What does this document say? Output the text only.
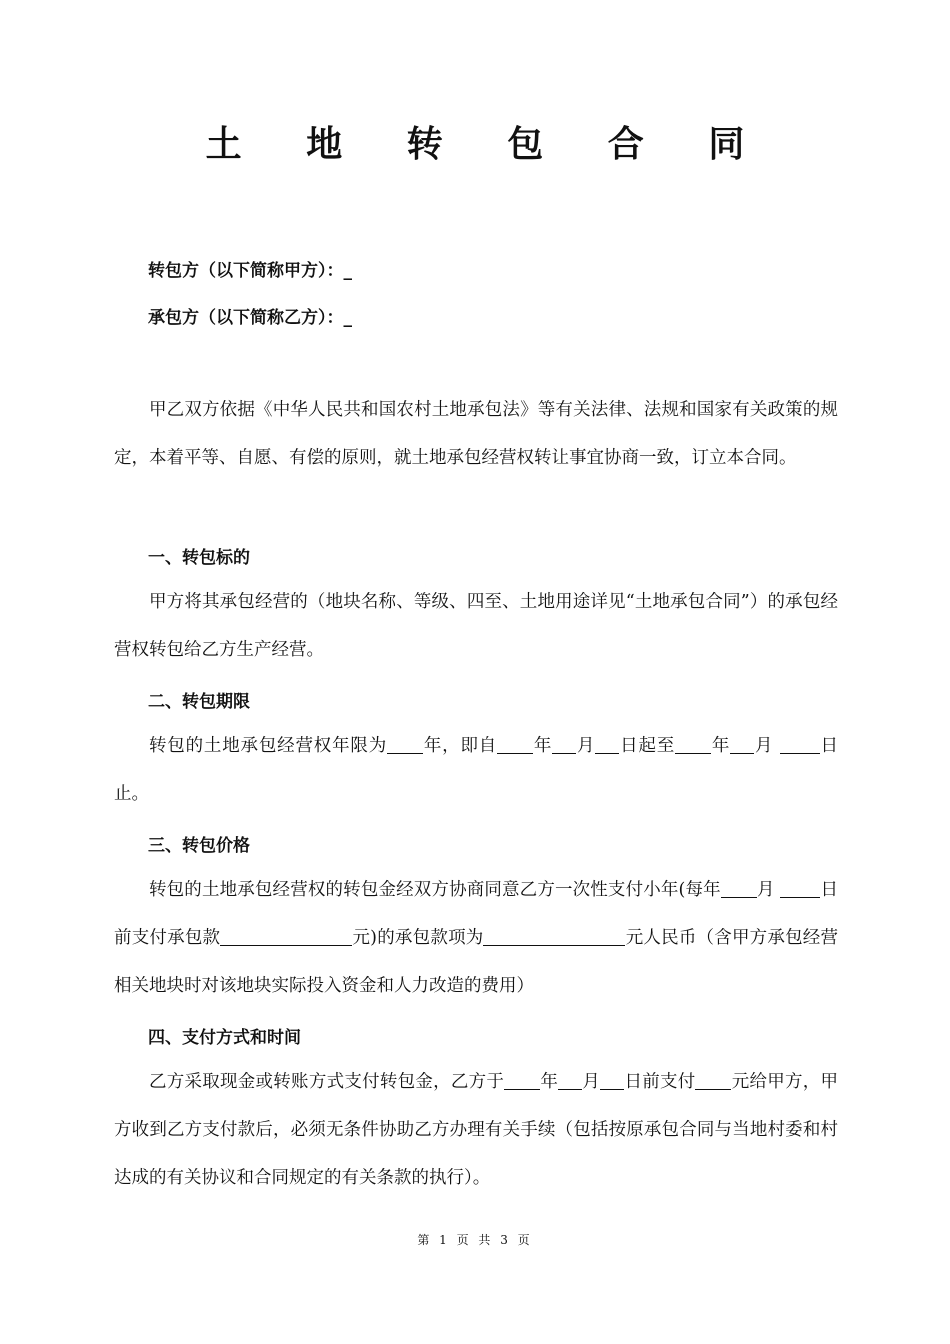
土 地 转 包 合 同
转包方（以下简称甲方）：_
承包方（以下简称乙方）：_

甲乙双方依据《中华人民共和国农村土地承包法》等有关法律、法规和国家有关政策的规定，本着平等、自愿、有偿的原则，就土地承包经营权转让事宜协商一致，订立本合同。

一、转包标的

甲方将其承包经营的（地块名称、等级、四至、土地用途详见“土地承包合同”）的承包经营权转包给乙方生产经营。

二、转包期限

转包的土地承包经营权年限为 年，即自 年 月 日起至 年 月	日止。

三、转包价格

转包的土地承包经营权的转包金经双方协商同意乙方一次性支付小年(每年 月	日前支付承包款	元)的承包款项为	元人民币（含甲方承包经营相关地块时对该地块实际投入资金和人力改造的费用）

四、支付方式和时间

乙方采取现金或转账方式支付转包金，乙方于 年 月 日前支付 元给甲方，甲方收到乙方支付款后，必须无条件协助乙方办理有关手续（包括按原承包合同与当地村委和村达成的有关协议和合同规定的有关条款的执行）。

第 1 页 共 3 页
